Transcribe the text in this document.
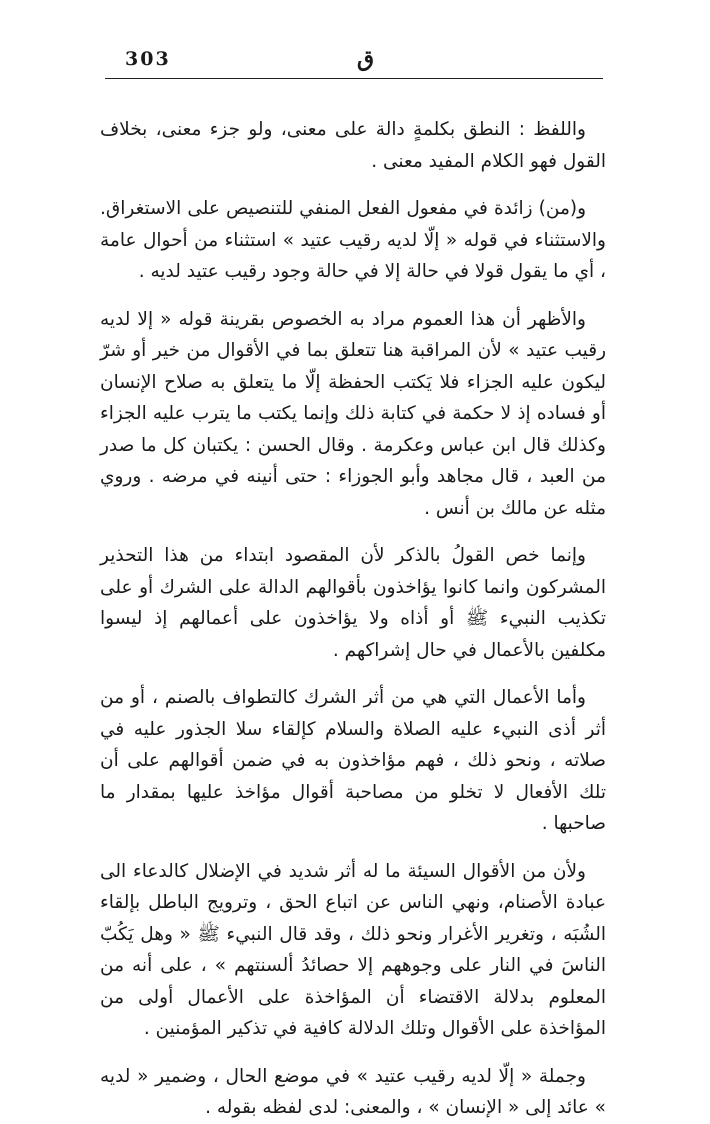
303	ق

واللفظ : النطق بكلمةٍ دالة على معنى، ولو جزء معنى، بخلاف القول فهو الكلام المفيد معنى .

و(من) زائدة في مفعول الفعل المنفي للتنصيص على الاستغراق. والاستثناء في قوله « إلّا لديه رقيب عتيد » استثناء من أحوال عامة ، أي ما يقول قولا في حالة إلا في حالة وجود رقيب عتيد لديه .

والأظهر أن هذا العموم مراد به الخصوص بقرينة قوله « إلا لديه رقيب عتيد » لأن المراقبة هنا تتعلق بما في الأقوال من خير أو شرّ ليكون عليه الجزاء فلا يَكتب الحفظة إلّا ما يتعلق به صلاح الإنسان أو فساده إذ لا حكمة في كتابة ذلك وإنما يكتب ما يترب عليه الجزاء وكذلك قال ابن عباس وعكرمة . وقال الحسن : يكتبان كل ما صدر من العبد ، قال مجاهد وأبو الجوزاء : حتى أنينه في مرضه . وروي مثله عن مالك بن أنس .

وإنما خص القولُ بالذكر لأن المقصود ابتداء من هذا التحذير المشركون وانما كانوا يؤاخذون بأقوالهم الدالة على الشرك أو على تكذيب النبيء ﷺ أو أذاه ولا يؤاخذون على أعمالهم إذ ليسوا مكلفين بالأعمال في حال إشراكهم .

وأما الأعمال التي هي من أثر الشرك كالتطواف بالصنم ، أو من أثر أذى النبيء عليه الصلاة والسلام كإلقاء سلا الجذور عليه في صلاته ، ونحو ذلك ، فهم مؤاخذون به في ضمن أقوالهم على أن تلك الأفعال لا تخلو من مصاحبة أقوال مؤاخذ عليها بمقدار ما صاحبها .

ولأن من الأقوال السيئة ما له أثر شديد في الإضلال كالدعاء الى عبادة الأصنام، ونهي الناس عن اتباع الحق ، وترويج الباطل بإلقاء الشُبَه ، وتغرير الأغرار ونحو ذلك ، وقد قال النبيء ﷺ « وهل يَكُبّ الناسَ في النار على وجوههم إلا حصائدُ ألسنتهم » ، على أنه من المعلوم بدلالة الاقتضاء أن المؤاخذة على الأعمال أولى من المؤاخذة على الأقوال وتلك الدلالة كافية في تذكير المؤمنين .

وجملة « إلّا لديه رقيب عتيد » في موضع الحال ، وضمير « لديه » عائد إلى « الإنسان » ، والمعنى: لدى لفظه بقوله .
